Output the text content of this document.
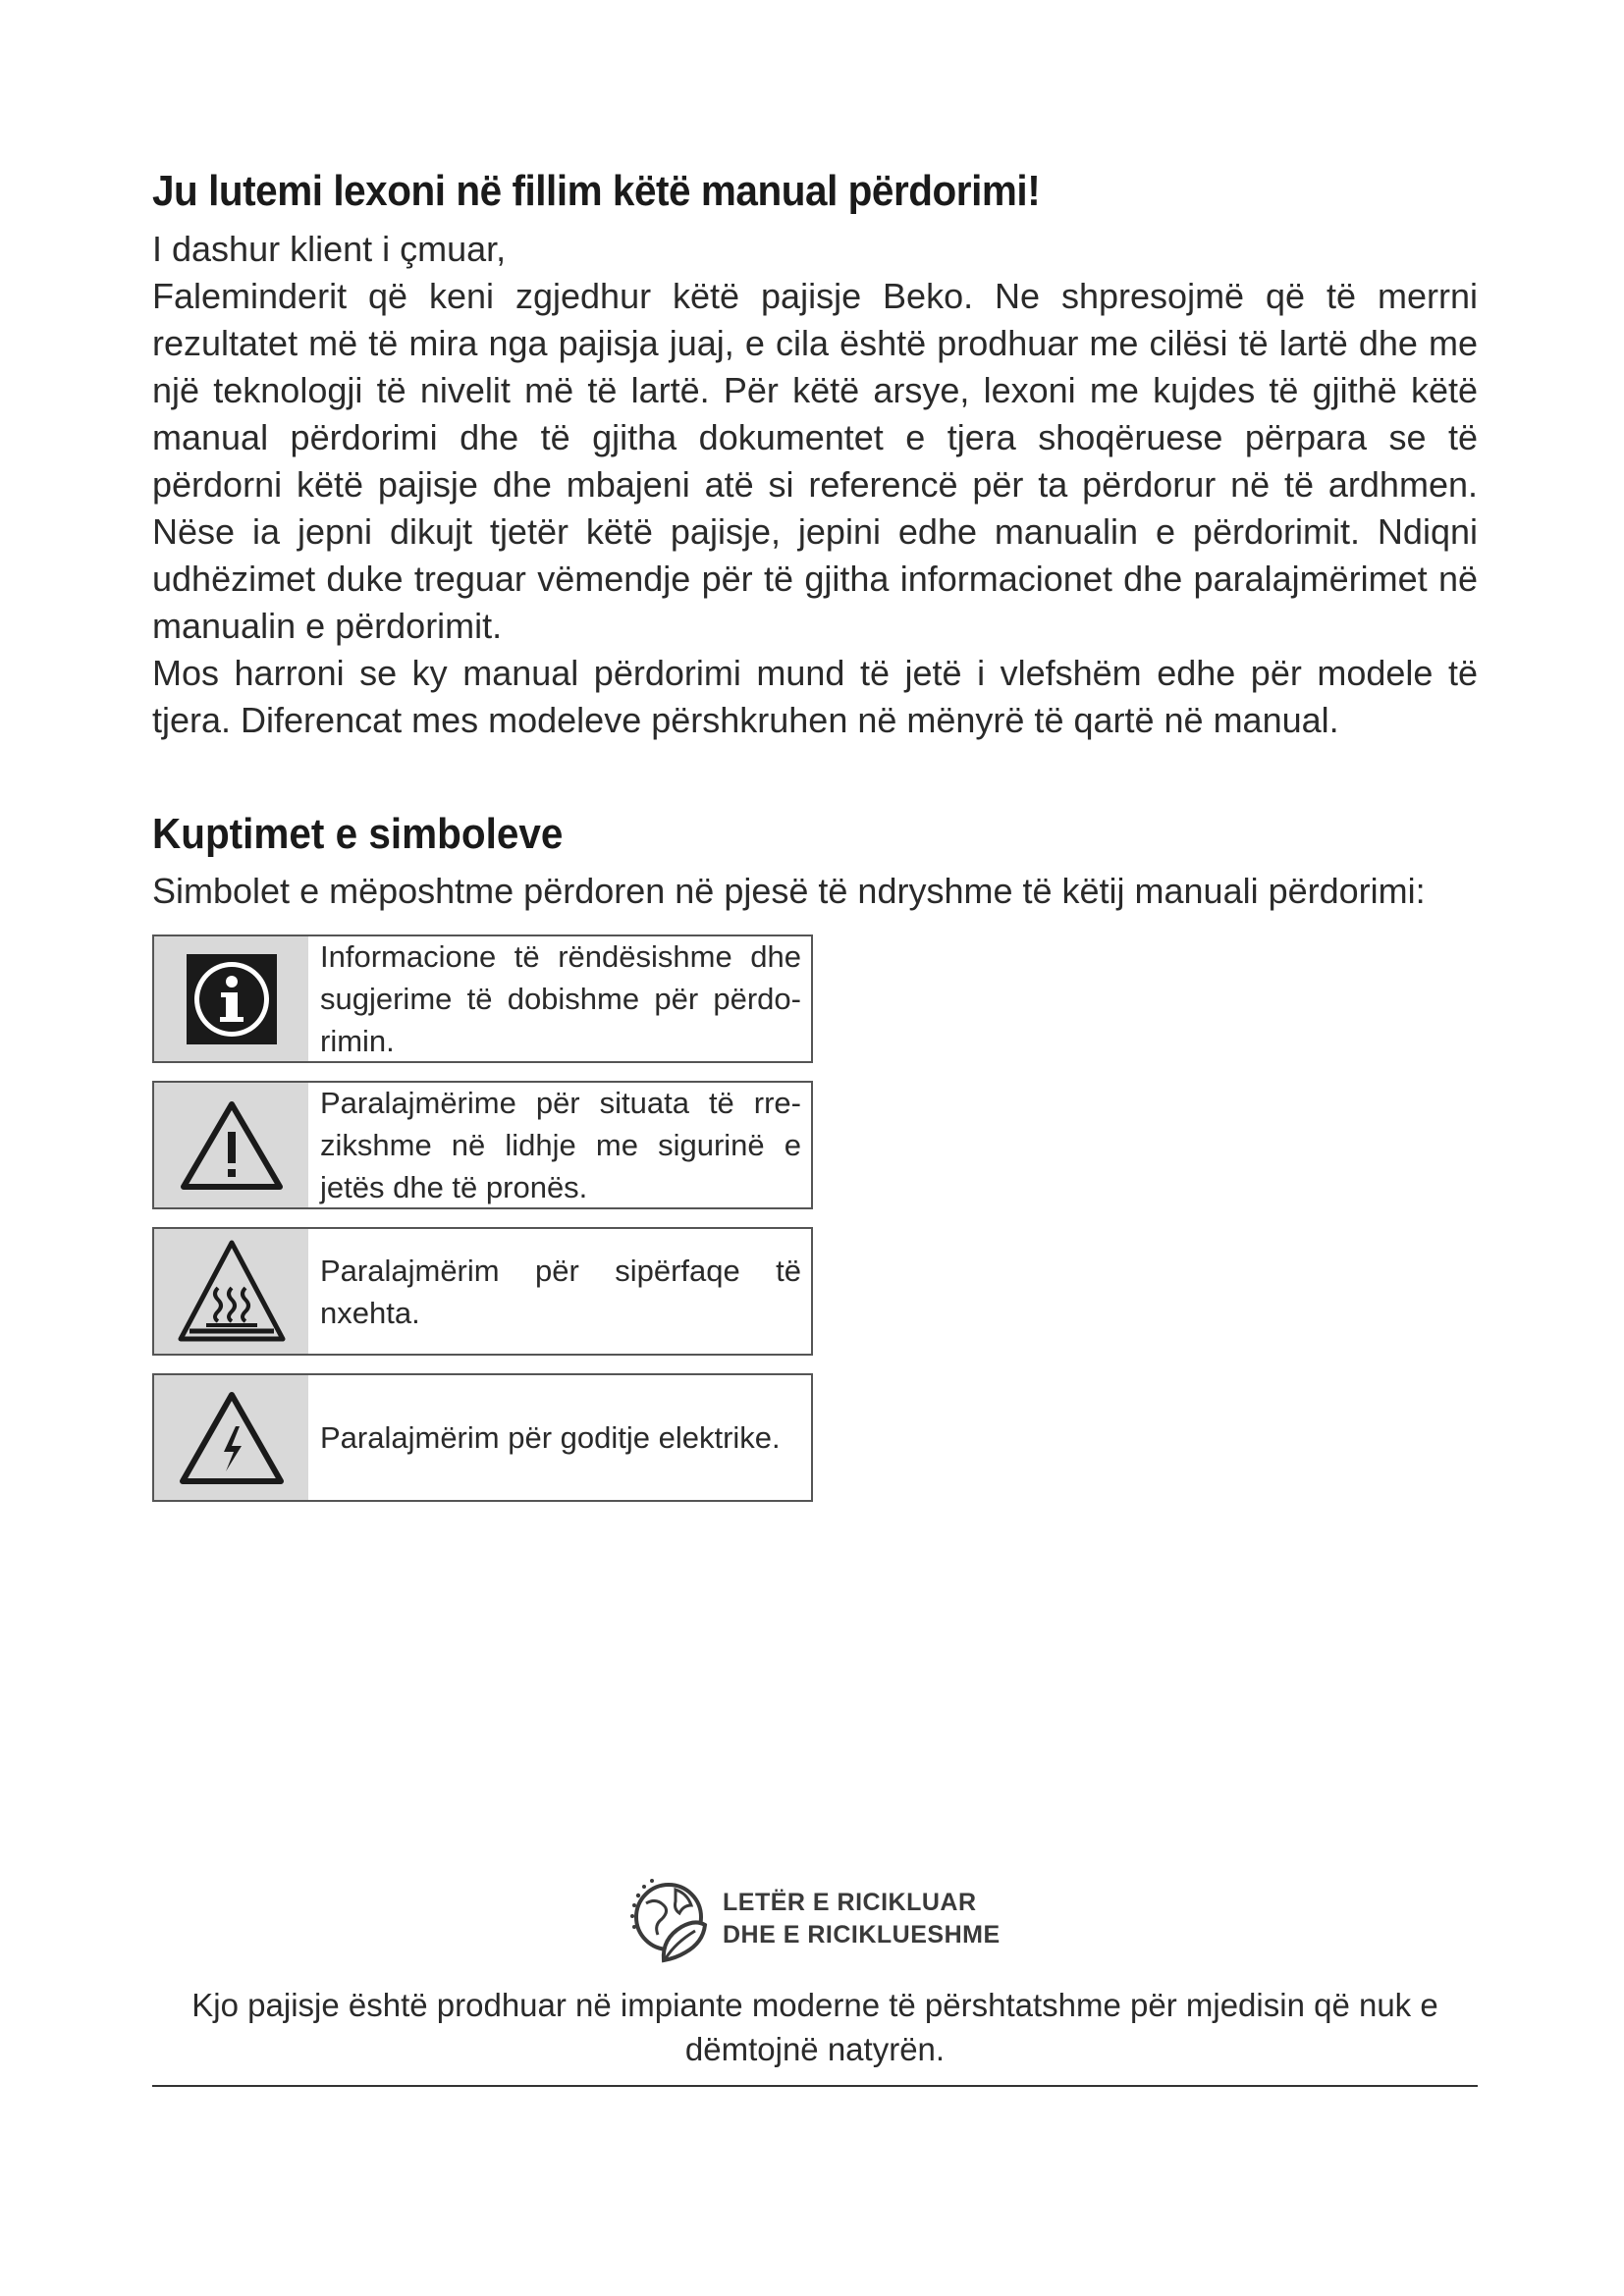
Ju lutemi lexoni në fillim këtë manual përdorimi!

I dashur klient i çmuar,

Faleminderit që keni zgjedhur këtë pajisje Beko. Ne shpresojmë që të merrni rezultatet më të mira nga pajisja juaj, e cila është prodhuar me cilësi të lartë dhe me një teknologji të nivelit më të lartë. Për këtë arsye, lexoni me kujdes të gjithë këtë manual përdorimi dhe të gjitha dokumentet e tjera shoqëruese përpara se të përdorni këtë pajisje dhe mbajeni atë si referencë për ta përdorur në të ardhmen. Nëse ia jepni dikujt tjetër këtë pajisje, jepini edhe manualin e përdorimit. Ndiqni udhëzimet duke treguar vëmendje për të gjitha informacionet dhe paralajmërimet në manualin e përdorimit.

Mos harroni se ky manual përdorimi mund të jetë i vlefshëm edhe për modele të tjera. Diferencat mes modeleve përshkruhen në mënyrë të qartë në manual.

Kuptimet e simboleve
Simbolet e mëposhtme përdoren në pjesë të ndryshme të këtij manuali përdorimi:
Informacione të rëndësishme dhe sugjerime të dobishme për përdo-rimin.
Paralajmërime për situata të rre-zikshme në lidhje me sigurinë e jetës dhe të pronës.
Paralajmërim për sipërfaqe të nxehta.
Paralajmërim për goditje elektrike.
LETËR E RICIKLUAR
DHE E RICIKLUESHME
Kjo pajisje është prodhuar në impiante moderne të përshtatshme për mjedisin që nuk e dëmtojnë natyrën.
